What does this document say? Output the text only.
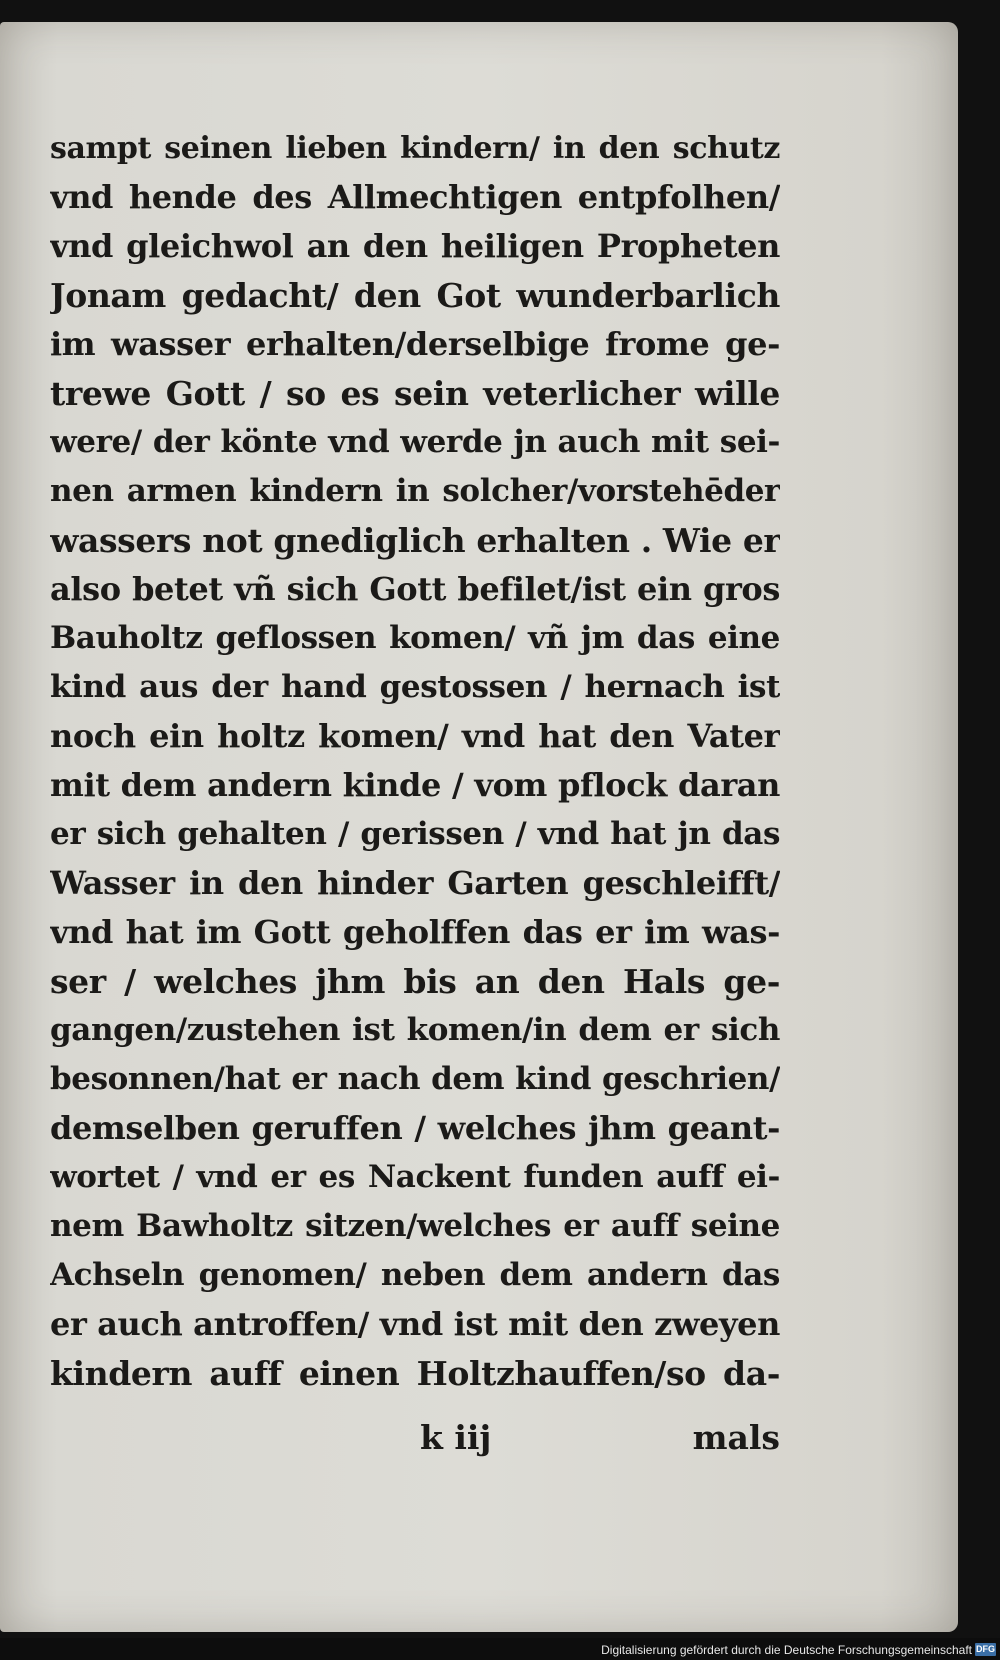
sampt seinen lieben kindern/ in den schutz
vnd hende des Allmechtigen entpfolhen/
vnd gleichwol an den heiligen Propheten
Jonam gedacht/ den Got wunderbarlich
im wasser erhalten/derselbige frome ge-
trewe Gott / so es sein veterlicher wille
were/ der könte vnd werde jn auch mit sei-
nen armen kindern in solcher/vorstehēder
wassers not gnediglich erhalten . Wie er
also betet vñ sich Gott befilet/ist ein gros
Bauholtz geflossen komen/ vñ jm das eine
kind aus der hand gestossen / hernach ist
noch ein holtz komen/ vnd hat den Vater
mit dem andern kinde / vom pflock daran
er sich gehalten / gerissen / vnd hat jn das
Wasser in den hinder Garten geschleifft/
vnd hat im Gott geholffen das er im was-
ser / welches jhm bis an den Hals ge-
gangen/zustehen ist komen/in dem er sich
besonnen/hat er nach dem kind geschrien/
demselben geruffen / welches jhm geant-
wortet / vnd er es Nackent funden auff ei-
nem Bawholtz sitzen/welches er auff seine
Achseln genomen/ neben dem andern das
er auch antroffen/ vnd ist mit den zweyen
kindern auff einen Holtzhauffen/so da-
k iij	mals
Digitalisierung gefördert durch die Deutsche Forschungsgemeinschaft DFG
